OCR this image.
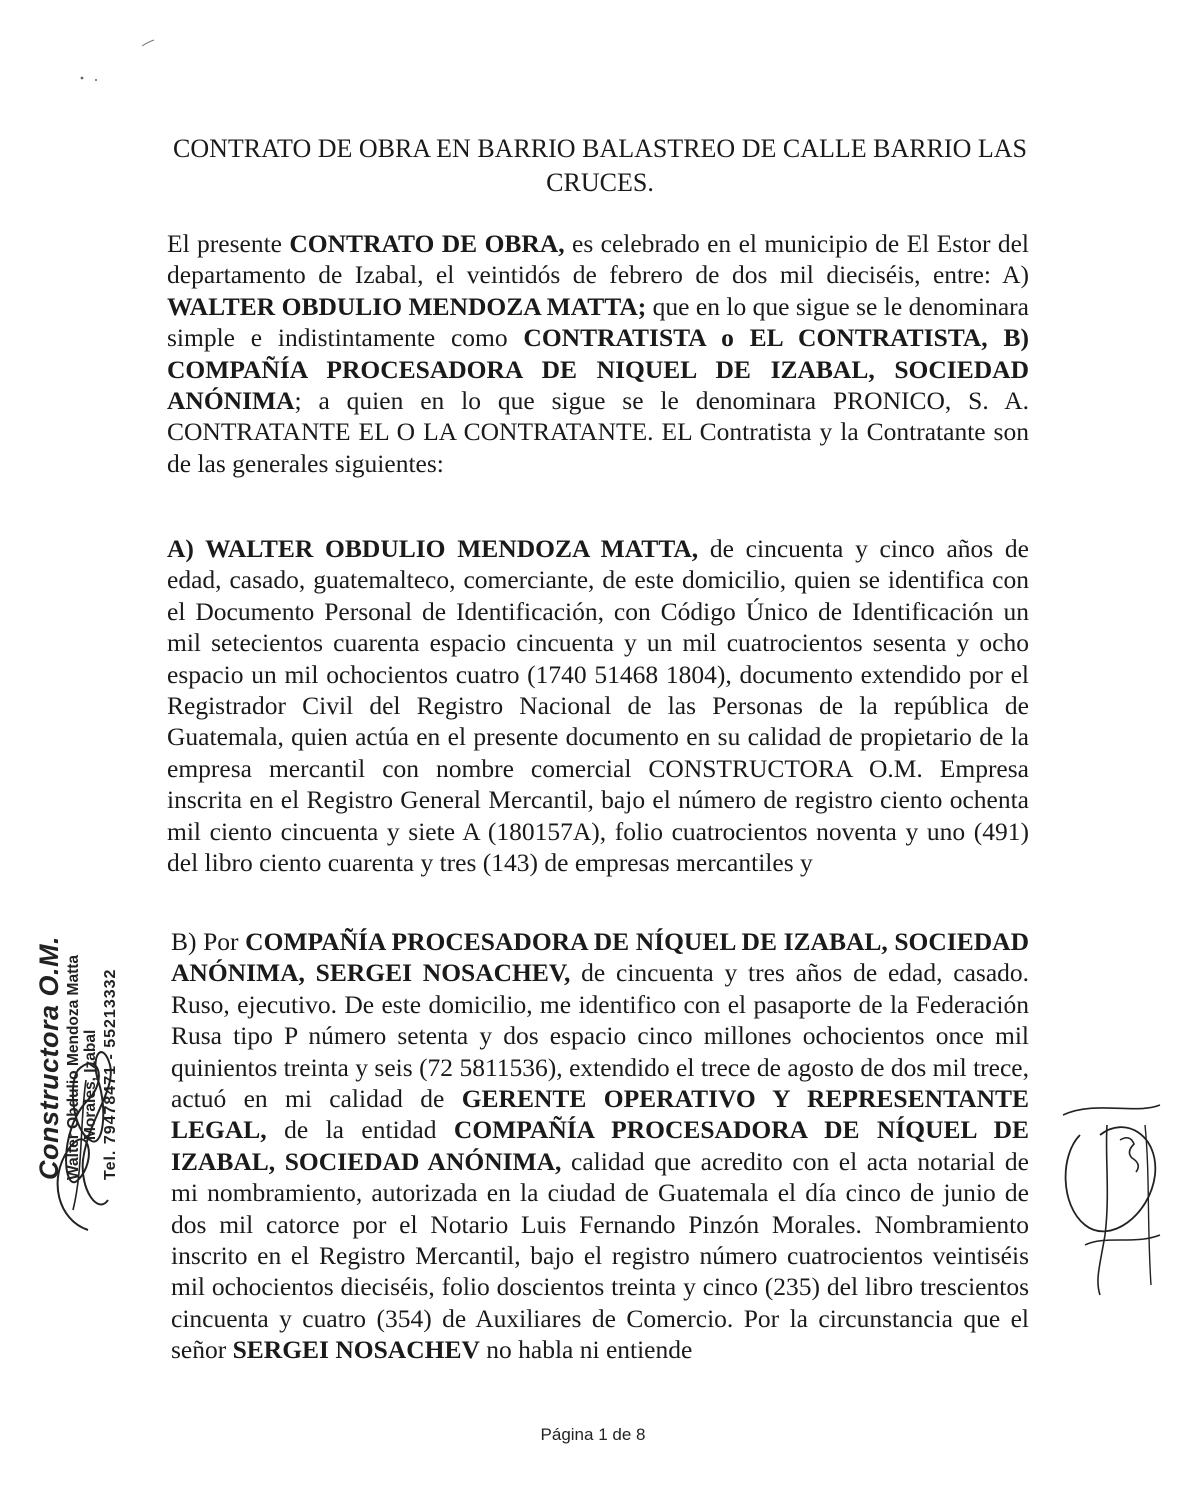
CONTRATO DE OBRA EN BARRIO BALASTREO DE CALLE BARRIO LAS CRUCES.

El presente CONTRATO DE OBRA, es celebrado en el municipio de El Estor del departamento de Izabal, el veintidós de febrero de dos mil dieciséis, entre: A) WALTER OBDULIO MENDOZA MATTA; que en lo que sigue se le denominara simple e indistintamente como CONTRATISTA o EL CONTRATISTA, B) COMPAÑÍA PROCESADORA DE NIQUEL DE IZABAL, SOCIEDAD ANÓNIMA; a quien en lo que sigue se le denominara PRONICO, S. A. CONTRATANTE EL O LA CONTRATANTE. EL Contratista y la Contratante son de las generales siguientes:

A) WALTER OBDULIO MENDOZA MATTA, de cincuenta y cinco años de edad, casado, guatemalteco, comerciante, de este domicilio, quien se identifica con el Documento Personal de Identificación, con Código Único de Identificación un mil setecientos cuarenta espacio cincuenta y un mil cuatrocientos sesenta y ocho espacio un mil ochocientos cuatro (1740 51468 1804), documento extendido por el Registrador Civil del Registro Nacional de las Personas de la república de Guatemala, quien actúa en el presente documento en su calidad de propietario de la empresa mercantil con nombre comercial CONSTRUCTORA O.M. Empresa inscrita en el Registro General Mercantil, bajo el número de registro ciento ochenta mil ciento cincuenta y siete A (180157A), folio cuatrocientos noventa y uno (491) del libro ciento cuarenta y tres (143) de empresas mercantiles y

B) Por COMPAÑÍA PROCESADORA DE NÍQUEL DE IZABAL, SOCIEDAD ANÓNIMA, SERGEI NOSACHEV, de cincuenta y tres años de edad, casado. Ruso, ejecutivo. De este domicilio, me identifico con el pasaporte de la Federación Rusa tipo P número setenta y dos espacio cinco millones ochocientos once mil quinientos treinta y seis (72 5811536), extendido el trece de agosto de dos mil trece, actuó en mi calidad de GERENTE OPERATIVO Y REPRESENTANTE LEGAL, de la entidad COMPAÑÍA PROCESADORA DE NÍQUEL DE IZABAL, SOCIEDAD ANÓNIMA, calidad que acredito con el acta notarial de mi nombramiento, autorizada en la ciudad de Guatemala el día cinco de junio de dos mil catorce por el Notario Luis Fernando Pinzón Morales. Nombramiento inscrito en el Registro Mercantil, bajo el registro número cuatrocientos veintiséis mil ochocientos dieciséis, folio doscientos treinta y cinco (235) del libro trescientos cincuenta y cuatro (354) de Auxiliares de Comercio. Por la circunstancia que el señor SERGEI NOSACHEV no habla ni entiende

Constructora O.M. Walter Obdulio Mendoza Matta Morales, Izabal Tel. 79478471 - 55213332
Página 1 de 8
